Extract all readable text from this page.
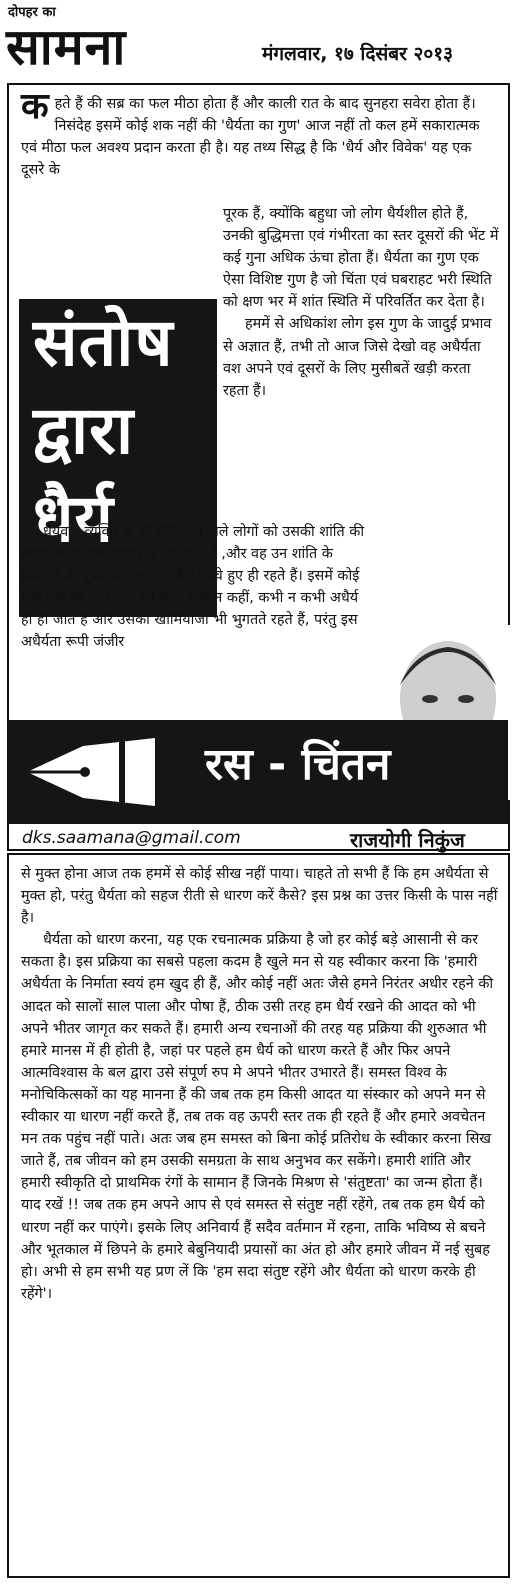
दोपहर का
सामना	मंगलवार, १७ दिसंबर २०१३
कहते हैं की सब्र का फल मीठा होता हैं और काली रात के बाद सुनहरा सवेरा होता हैं। निसंदेह इसमें कोई शक नहीं की 'धैर्यता का गुण' आज नहीं तो कल हमें सकारात्मक एवं मीठा फल अवश्य प्रदान करता ही है। यह तथ्य सिद्ध है कि 'धैर्य और विवेक' यह एक दूसरे के
संतोष
द्वारा
धैर्य

पूरक हैं, क्योंकि बहुधा जो लोग धैर्यशील होते हैं, उनकी बुद्धिमत्ता एवं गंभीरता का स्तर दूसरों की भेंट में कई गुना अधिक ऊंचा होता हैं। धैर्यता का गुण एक ऐसा विशिष्ट गुण है जो चिंता एवं घबराहट भरी स्थिति को क्षण भर में शांत स्थिति में परिवर्तित कर देता है।

हममें से अधिकांश लोग इस गुण के जादुई प्रभाव से अज्ञात हैं, तभी तो आज जिसे देखो वह अधैर्यता वश अपने एवं दूसरों के लिए मुसीबतें खड़ी करता रहता हैं।

धैर्यवान व्यक्ति के इर्द गिर्द रहने वाले लोगों को उसकी शांति की आभा का हरदम एहसास होता रहता हैं ,और वह उन शांति के प्रकंपनो के चुंबकीय प्रभाव में जैसे खिंचे हुए ही रहते हैं। इसमें कोई शक नहीं कि प्रति दिन हम सभी कहीं न कहीं, कभी न कभी अधैर्य हो ही जाते हैं और उसका खामियाजा भी भुगतते रहते हैं, परंतु इस अधैर्यता रूपी जंजीर

रस - चिंतन
dks.saamana@gmail.com	राजयोगी निकुंज

से मुक्त होना आज तक हममें से कोई सीख नहीं पाया। चाहते तो सभी हैं कि हम अधैर्यता से मुक्त हो, परंतु धैर्यता को सहज रीती से धारण करें कैसे? इस प्रश्न का उत्तर किसी के पास नहीं है।

धैर्यता को धारण करना, यह एक रचनात्मक प्रक्रिया है जो हर कोई बड़े आसानी से कर सकता है। इस प्रक्रिया का सबसे पहला कदम है खुले मन से यह स्वीकार करना कि 'हमारी अधैर्यता के निर्माता स्वयं हम खुद ही हैं, और कोई नहीं अतः जैसे हमने निरंतर अधीर रहने की आदत को सालों साल पाला और पोषा हैं, ठीक उसी तरह हम धैर्य रखने की आदत को भी अपने भीतर जागृत कर सकते हैं। हमारी अन्य रचनाओं की तरह यह प्रक्रिया की शुरुआत भी हमारे मानस में ही होती है, जहां पर पहले हम धैर्य को धारण करते हैं और फिर अपने आत्मविश्वास के बल द्वारा उसे संपूर्ण रुप मे अपने भीतर उभारते हैं। समस्त विश्व के मनोचिकित्सकों का यह मानना हैं की जब तक हम किसी आदत या संस्कार को अपने मन से स्वीकार या धारण नहीं करते हैं, तब तक वह ऊपरी स्तर तक ही रहते हैं और हमारे अवचेतन मन तक पहुंच नहीं पाते। अतः जब हम समस्त को बिना कोई प्रतिरोध के स्वीकार करना सिख जाते हैं, तब जीवन को हम उसकी समग्रता के साथ अनुभव कर सकेंगे। हमारी शांति और हमारी स्वीकृति दो प्राथमिक रंगों के सामान हैं जिनके मिश्रण से 'संतुष्टता' का जन्म होता हैं। याद रखें !! जब तक हम अपने आप से एवं समस्त से संतुष्ट नहीं रहेंगे, तब तक हम धैर्य को धारण नहीं कर पाएंगे। इसके लिए अनिवार्य हैं सदैव वर्तमान में रहना, ताकि भविष्य से बचने और भूतकाल में छिपने के हमारे बेबुनियादी प्रयासों का अंत हो और हमारे जीवन में नई सुबह हो। अभी से हम सभी यह प्रण लें कि 'हम सदा संतुष्ट रहेंगे और धैर्यता को धारण करके ही रहेंगे'।
